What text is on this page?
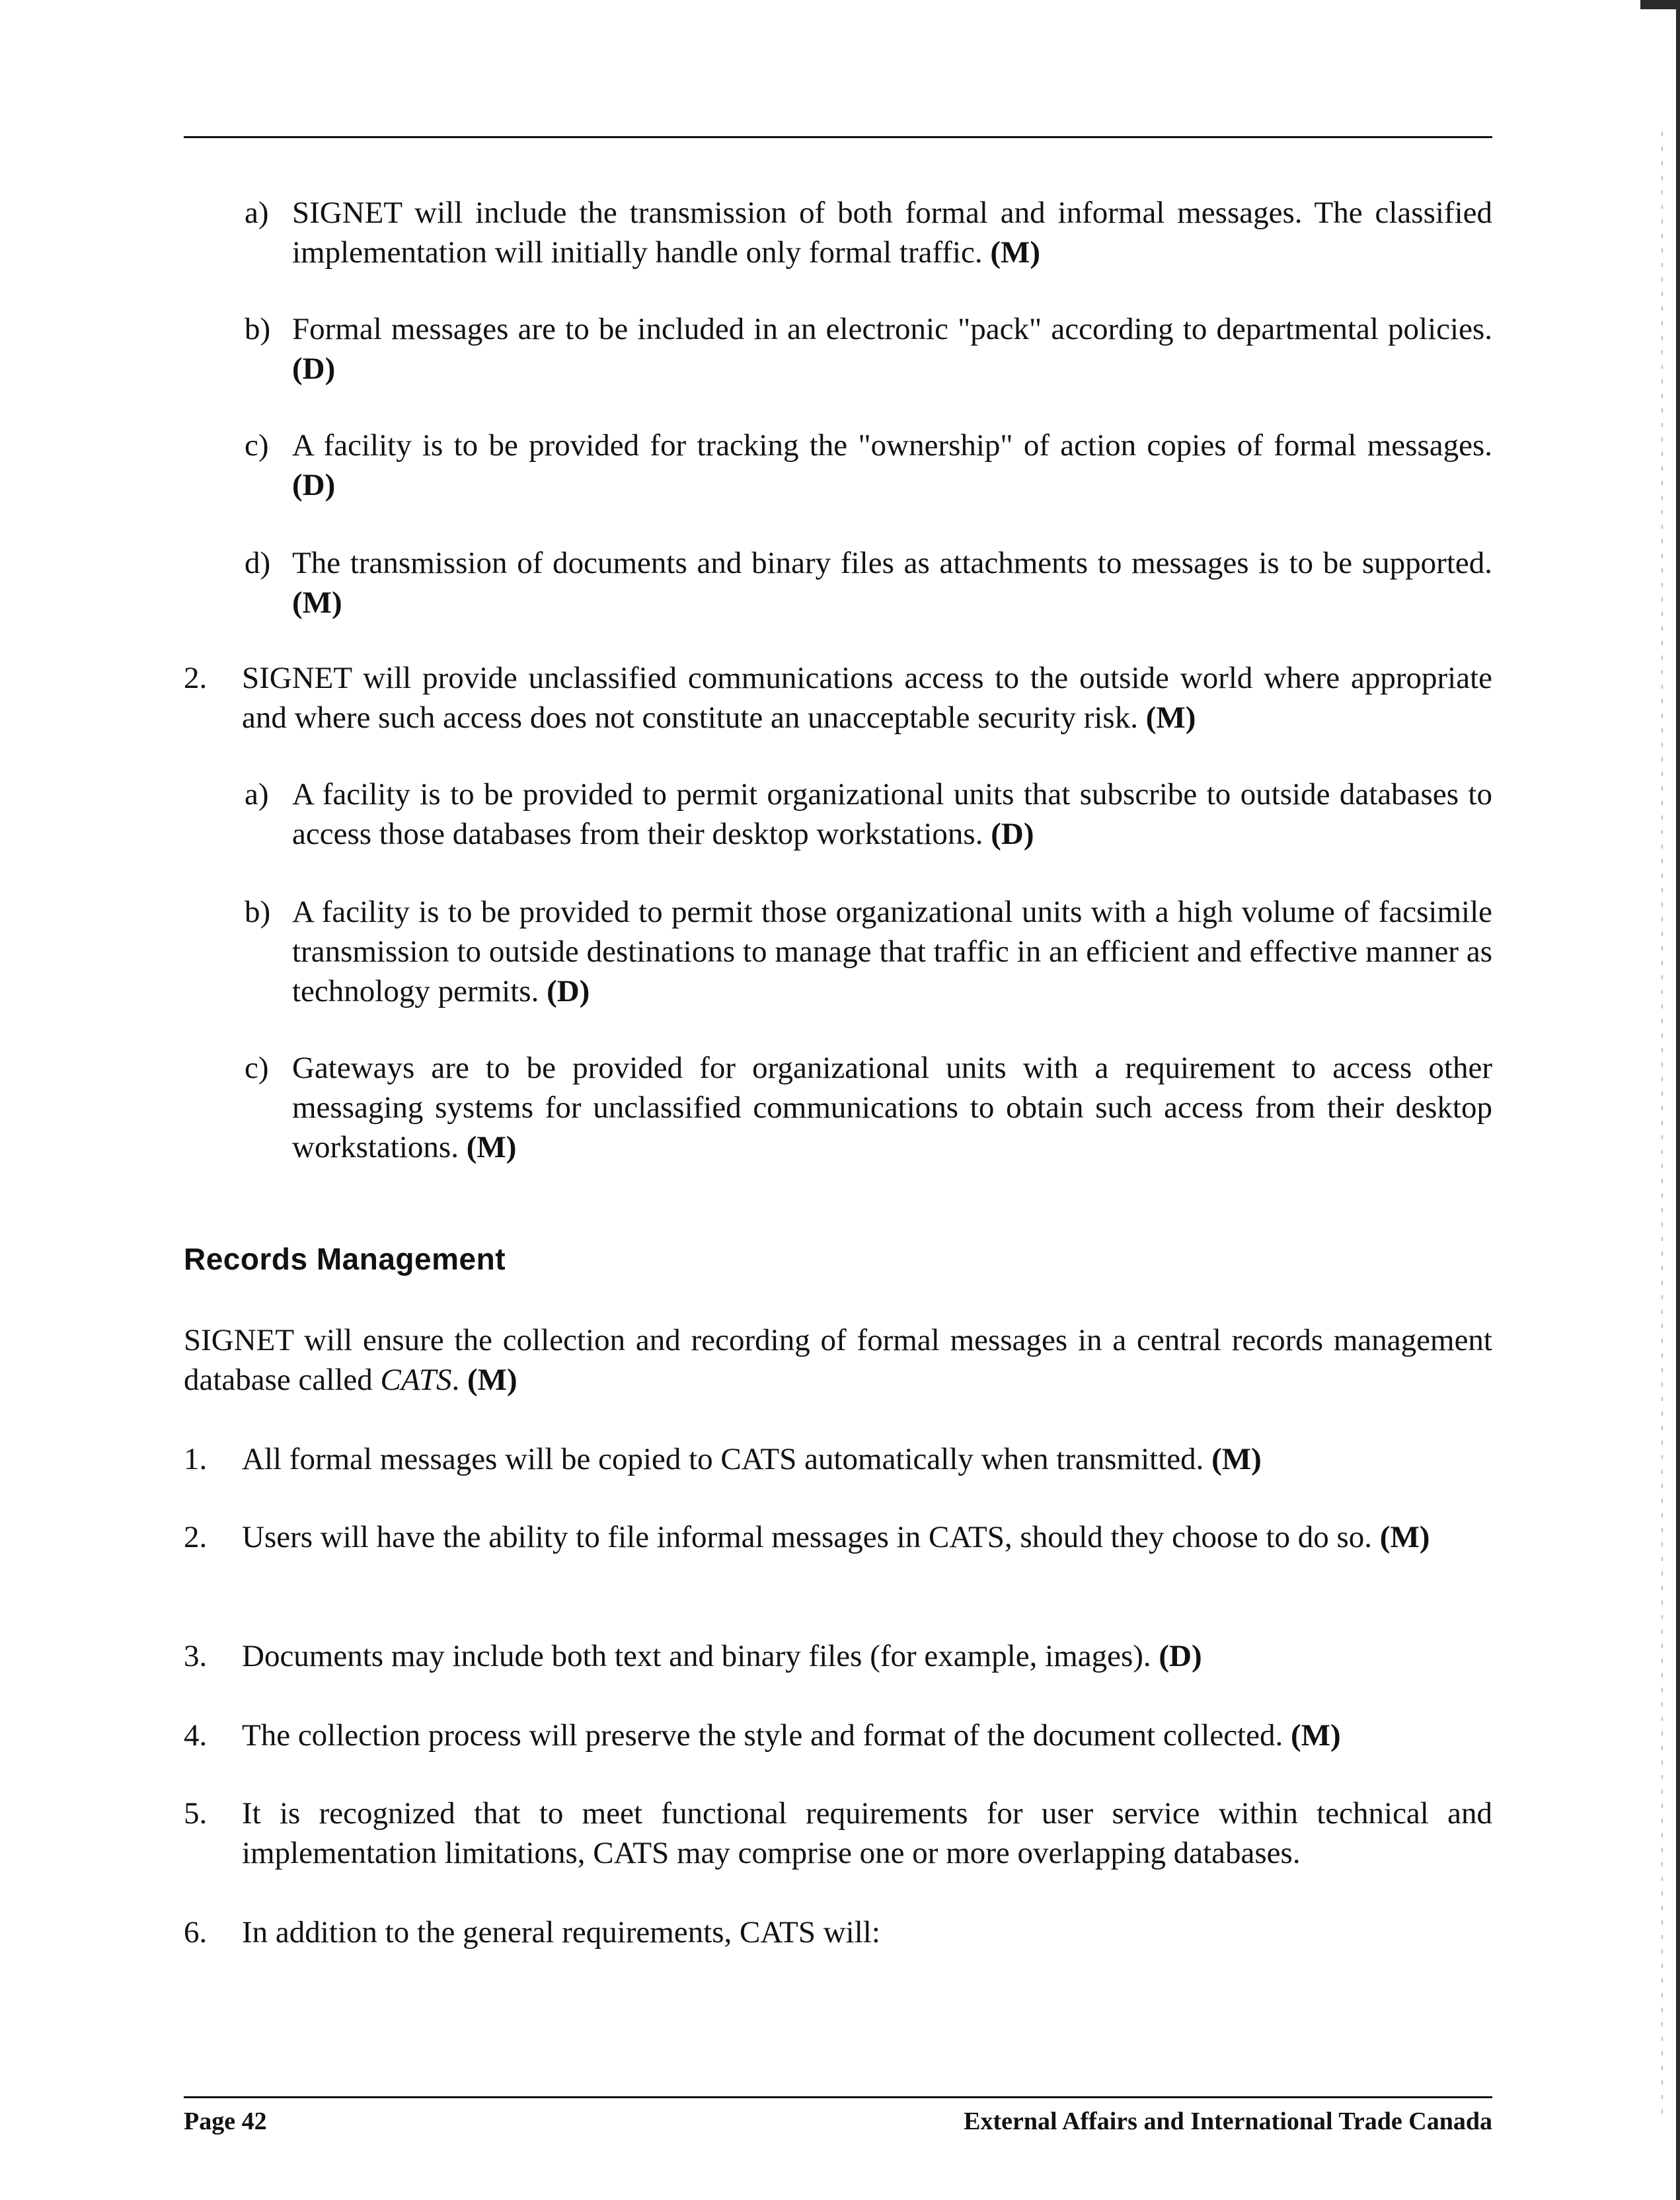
a) SIGNET will include the transmission of both formal and informal messages. The classified implementation will initially handle only formal traffic. (M)
b) Formal messages are to be included in an electronic "pack" according to departmental policies. (D)
c) A facility is to be provided for tracking the "ownership" of action copies of formal messages. (D)
d) The transmission of documents and binary files as attachments to messages is to be supported. (M)
2. SIGNET will provide unclassified communications access to the outside world where appropriate and where such access does not constitute an unacceptable security risk. (M)
a) A facility is to be provided to permit organizational units that subscribe to outside databases to access those databases from their desktop workstations. (D)
b) A facility is to be provided to permit those organizational units with a high volume of facsimile transmission to outside destinations to manage that traffic in an efficient and effective manner as technology permits. (D)
c) Gateways are to be provided for organizational units with a requirement to access other messaging systems for unclassified communications to obtain such access from their desktop workstations. (M)
Records Management
SIGNET will ensure the collection and recording of formal messages in a central records management database called CATS. (M)
1. All formal messages will be copied to CATS automatically when transmitted. (M)
2. Users will have the ability to file informal messages in CATS, should they choose to do so. (M)
3. Documents may include both text and binary files (for example, images). (D)
4. The collection process will preserve the style and format of the document collected. (M)
5. It is recognized that to meet functional requirements for user service within technical and implementation limitations, CATS may comprise one or more overlapping databases.
6. In addition to the general requirements, CATS will:
Page 42	External Affairs and International Trade Canada
